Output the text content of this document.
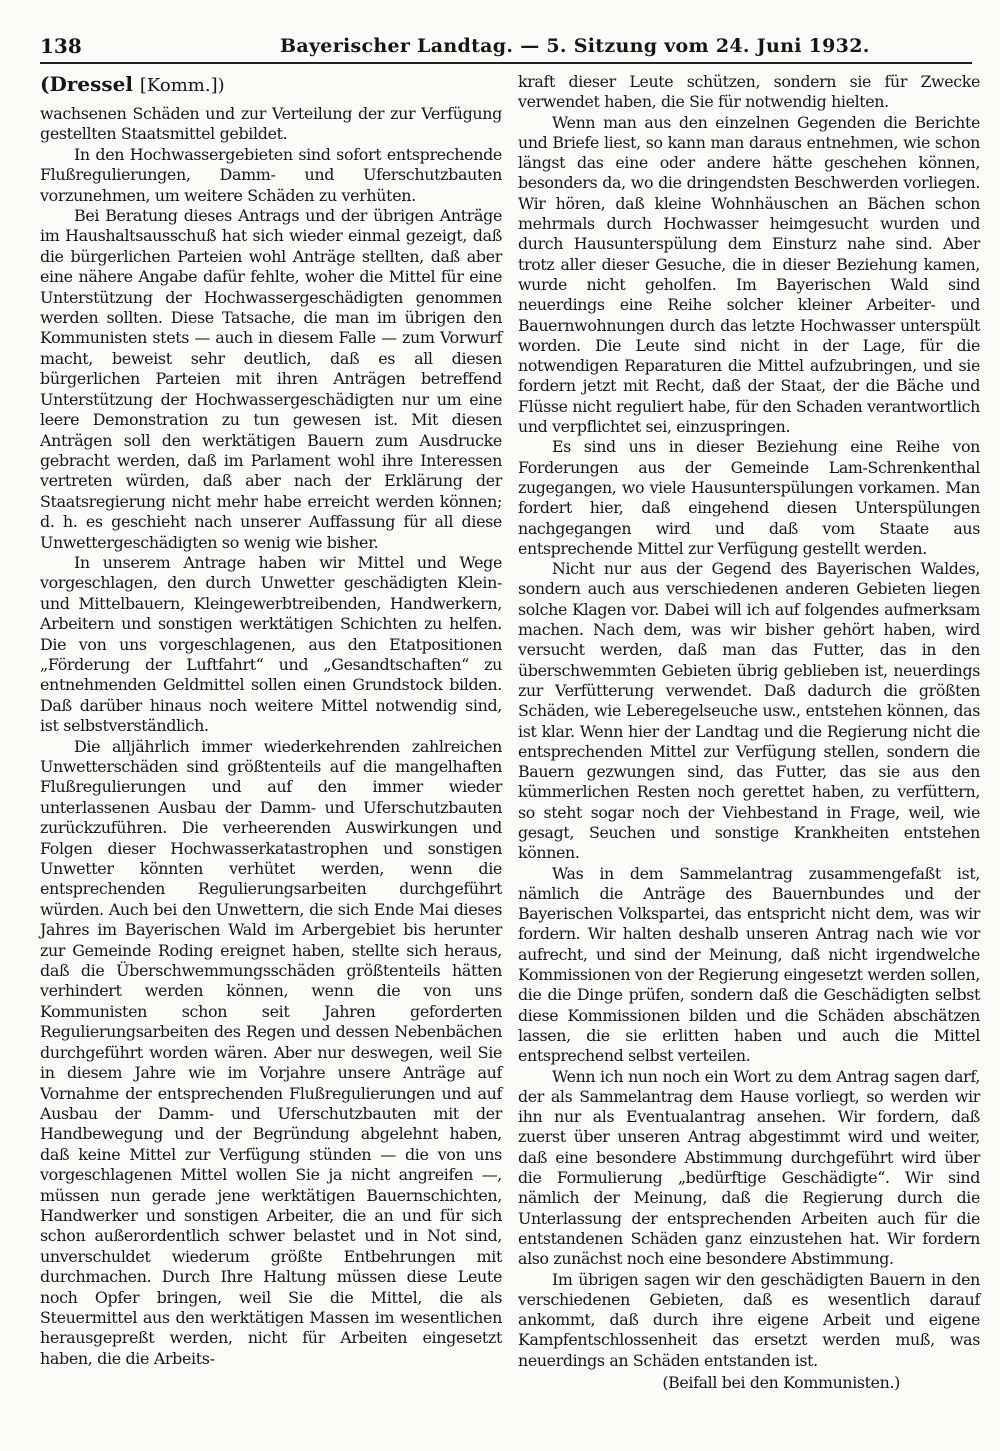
138	Bayerischer Landtag. — 5. Sitzung vom 24. Juni 1932.
(Dressel [Komm.])

wachsenen Schäden und zur Verteilung der zur Verfügung gestellten Staatsmittel gebildet.

In den Hochwassergebieten sind sofort entsprechende Flußregulierungen, Damm- und Uferschutzbauten vorzunehmen, um weitere Schäden zu verhüten.

Bei Beratung dieses Antrags und der übrigen Anträge im Haushaltsausschuß hat sich wieder einmal gezeigt, daß die bürgerlichen Parteien wohl Anträge stellten, daß aber eine nähere Angabe dafür fehlte, woher die Mittel für eine Unterstützung der Hochwassergeschädigten genommen werden sollten. Diese Tatsache, die man im übrigen den Kommunisten stets — auch in diesem Falle — zum Vorwurf macht, beweist sehr deutlich, daß es all diesen bürgerlichen Parteien mit ihren Anträgen betreffend Unterstützung der Hochwassergeschädigten nur um eine leere Demonstration zu tun gewesen ist. Mit diesen Anträgen soll den werktätigen Bauern zum Ausdrucke gebracht werden, daß im Parlament wohl ihre Interessen vertreten würden, daß aber nach der Erklärung der Staatsregierung nicht mehr habe erreicht werden können; d. h. es geschieht nach unserer Auffassung für all diese Unwettergeschädigten so wenig wie bisher.

In unserem Antrage haben wir Mittel und Wege vorgeschlagen, den durch Unwetter geschädigten Klein- und Mittelbauern, Kleingewerbtreibenden, Handwerkern, Arbeitern und sonstigen werktätigen Schichten zu helfen. Die von uns vorgeschlagenen, aus den Etatpositionen „Förderung der Luftfahrt“ und „Gesandtschaften“ zu entnehmenden Geldmittel sollen einen Grundstock bilden. Daß darüber hinaus noch weitere Mittel notwendig sind, ist selbstverständlich.

Die alljährlich immer wiederkehrenden zahlreichen Unwetterschäden sind größtenteils auf die mangelhaften Flußregulierungen und auf den immer wieder unterlassenen Ausbau der Damm- und Uferschutzbauten zurückzuführen. Die verheerenden Auswirkungen und Folgen dieser Hochwasserkatastrophen und sonstigen Unwetter könnten verhütet werden, wenn die entsprechenden Regulierungsarbeiten durchgeführt würden. Auch bei den Unwettern, die sich Ende Mai dieses Jahres im Bayerischen Wald im Arbergebiet bis herunter zur Gemeinde Roding ereignet haben, stellte sich heraus, daß die Überschwemmungsschäden größtenteils hätten verhindert werden können, wenn die von uns Kommunisten schon seit Jahren geforderten Regulierungsarbeiten des Regen und dessen Nebenbächen durchgeführt worden wären. Aber nur deswegen, weil Sie in diesem Jahre wie im Vorjahre unsere Anträge auf Vornahme der entsprechenden Flußregulierungen und auf Ausbau der Damm- und Uferschutzbauten mit der Handbewegung und der Begründung abgelehnt haben, daß keine Mittel zur Verfügung stünden — die von uns vorgeschlagenen Mittel wollen Sie ja nicht angreifen —, müssen nun gerade jene werktätigen Bauernschichten, Handwerker und sonstigen Arbeiter, die an und für sich schon außerordentlich schwer belastet und in Not sind, unverschuldet wiederum größte Entbehrungen mit durchmachen. Durch Ihre Haltung müssen diese Leute noch Opfer bringen, weil Sie die Mittel, die als Steuermittel aus den werktätigen Massen im wesentlichen herausgepreßt werden, nicht für Arbeiten eingesetzt haben, die die Arbeits-

kraft dieser Leute schützen, sondern sie für Zwecke verwendet haben, die Sie für notwendig hielten.

Wenn man aus den einzelnen Gegenden die Berichte und Briefe liest, so kann man daraus entnehmen, wie schon längst das eine oder andere hätte geschehen können, besonders da, wo die dringendsten Beschwerden vorliegen. Wir hören, daß kleine Wohnhäuschen an Bächen schon mehrmals durch Hochwasser heimgesucht wurden und durch Hausunterspülung dem Einsturz nahe sind. Aber trotz aller dieser Gesuche, die in dieser Beziehung kamen, wurde nicht geholfen. Im Bayerischen Wald sind neuerdings eine Reihe solcher kleiner Arbeiter- und Bauernwohnungen durch das letzte Hochwasser unterspült worden. Die Leute sind nicht in der Lage, für die notwendigen Reparaturen die Mittel aufzubringen, und sie fordern jetzt mit Recht, daß der Staat, der die Bäche und Flüsse nicht reguliert habe, für den Schaden verantwortlich und verpflichtet sei, einzuspringen.

Es sind uns in dieser Beziehung eine Reihe von Forderungen aus der Gemeinde Lam-Schrenkenthal zugegangen, wo viele Hausunterspülungen vorkamen. Man fordert hier, daß eingehend diesen Unterspülungen nachgegangen wird und daß vom Staate aus entsprechende Mittel zur Verfügung gestellt werden.

Nicht nur aus der Gegend des Bayerischen Waldes, sondern auch aus verschiedenen anderen Gebieten liegen solche Klagen vor. Dabei will ich auf folgendes aufmerksam machen. Nach dem, was wir bisher gehört haben, wird versucht werden, daß man das Futter, das in den überschwemmten Gebieten übrig geblieben ist, neuerdings zur Verfütterung verwendet. Daß dadurch die größten Schäden, wie Leberegelseuche usw., entstehen können, das ist klar. Wenn hier der Landtag und die Regierung nicht die entsprechenden Mittel zur Verfügung stellen, sondern die Bauern gezwungen sind, das Futter, das sie aus den kümmerlichen Resten noch gerettet haben, zu verfüttern, so steht sogar noch der Viehbestand in Frage, weil, wie gesagt, Seuchen und sonstige Krankheiten entstehen können.

Was in dem Sammelantrag zusammengefaßt ist, nämlich die Anträge des Bauernbundes und der Bayerischen Volkspartei, das entspricht nicht dem, was wir fordern. Wir halten deshalb unseren Antrag nach wie vor aufrecht, und sind der Meinung, daß nicht irgendwelche Kommissionen von der Regierung eingesetzt werden sollen, die die Dinge prüfen, sondern daß die Geschädigten selbst diese Kommissionen bilden und die Schäden abschätzen lassen, die sie erlitten haben und auch die Mittel entsprechend selbst verteilen.

Wenn ich nun noch ein Wort zu dem Antrag sagen darf, der als Sammelantrag dem Hause vorliegt, so werden wir ihn nur als Eventualantrag ansehen. Wir fordern, daß zuerst über unseren Antrag abgestimmt wird und weiter, daß eine besondere Abstimmung durchgeführt wird über die Formulierung „bedürftige Geschädigte“. Wir sind nämlich der Meinung, daß die Regierung durch die Unterlassung der entsprechenden Arbeiten auch für die entstandenen Schäden ganz einzustehen hat. Wir fordern also zunächst noch eine besondere Abstimmung.

Im übrigen sagen wir den geschädigten Bauern in den verschiedenen Gebieten, daß es wesentlich darauf ankommt, daß durch ihre eigene Arbeit und eigene Kampfentschlossenheit das ersetzt werden muß, was neuerdings an Schäden entstanden ist.

(Beifall bei den Kommunisten.)
